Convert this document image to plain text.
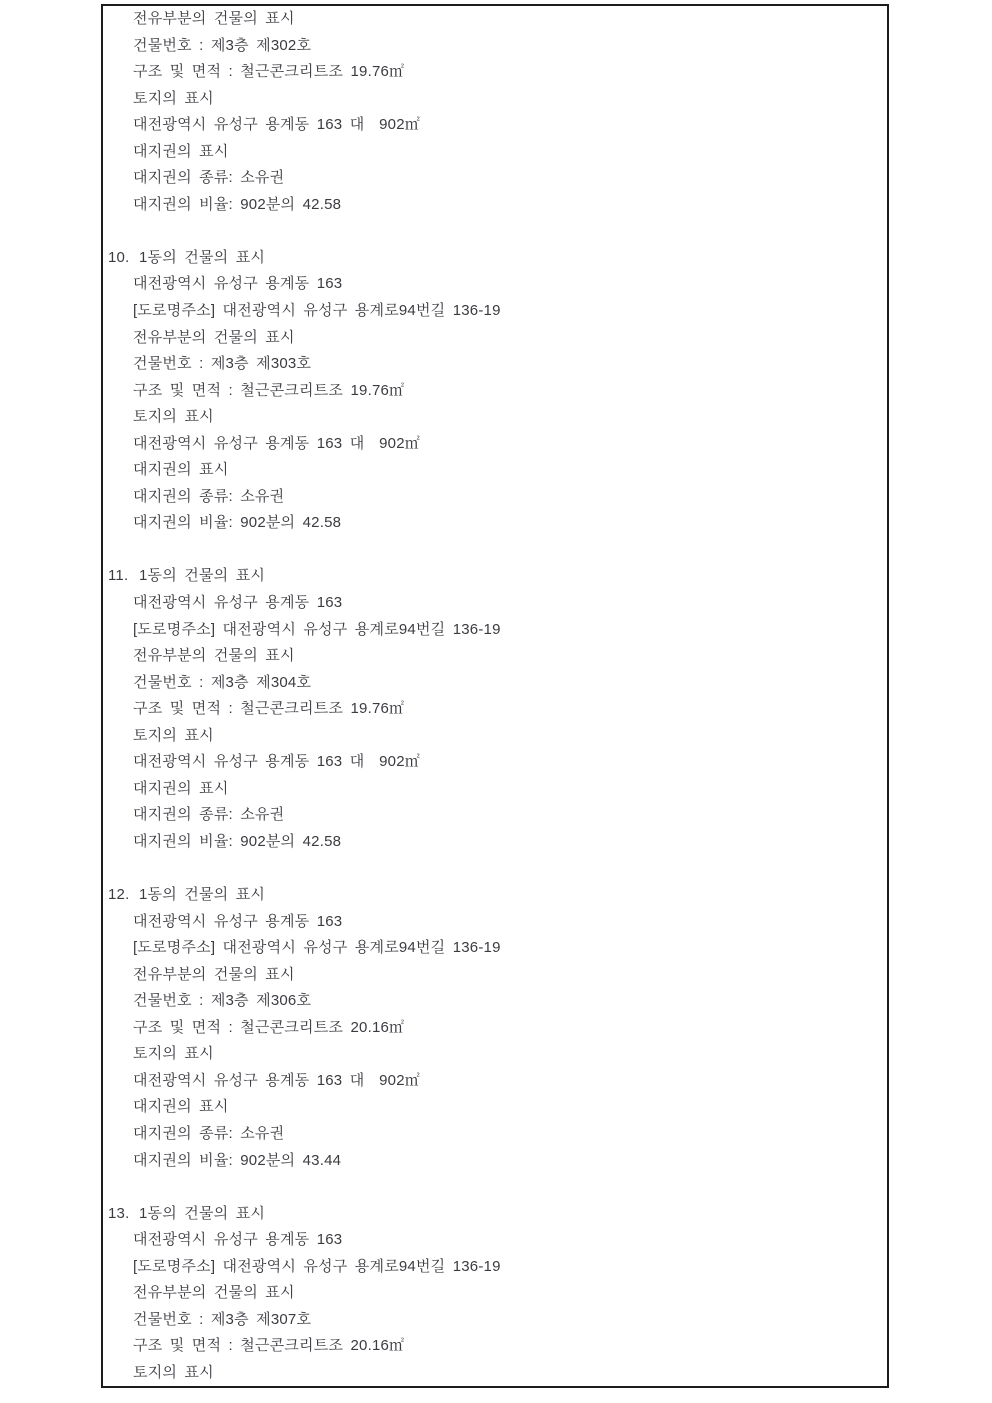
전유부분의 건물의 표시
건물번호 : 제3층 제302호
구조 및 면적 : 철근콘크리트조 19.76㎡
토지의 표시
대전광역시 유성구 용계동 163 대  902㎡
대지권의 표시
대지권의 종류: 소유권
대지권의 비율: 902분의 42.58
10. 1동의 건물의 표시
대전광역시 유성구 용계동 163
[도로명주소] 대전광역시 유성구 용계로94번길 136-19
전유부분의 건물의 표시
건물번호 : 제3층 제303호
구조 및 면적 : 철근콘크리트조 19.76㎡
토지의 표시
대전광역시 유성구 용계동 163 대  902㎡
대지권의 표시
대지권의 종류: 소유권
대지권의 비율: 902분의 42.58
11. 1동의 건물의 표시
대전광역시 유성구 용계동 163
[도로명주소] 대전광역시 유성구 용계로94번길 136-19
전유부분의 건물의 표시
건물번호 : 제3층 제304호
구조 및 면적 : 철근콘크리트조 19.76㎡
토지의 표시
대전광역시 유성구 용계동 163 대  902㎡
대지권의 표시
대지권의 종류: 소유권
대지권의 비율: 902분의 42.58
12. 1동의 건물의 표시
대전광역시 유성구 용계동 163
[도로명주소] 대전광역시 유성구 용계로94번길 136-19
전유부분의 건물의 표시
건물번호 : 제3층 제306호
구조 및 면적 : 철근콘크리트조 20.16㎡
토지의 표시
대전광역시 유성구 용계동 163 대  902㎡
대지권의 표시
대지권의 종류: 소유권
대지권의 비율: 902분의 43.44
13. 1동의 건물의 표시
대전광역시 유성구 용계동 163
[도로명주소] 대전광역시 유성구 용계로94번길 136-19
전유부분의 건물의 표시
건물번호 : 제3층 제307호
구조 및 면적 : 철근콘크리트조 20.16㎡
토지의 표시
